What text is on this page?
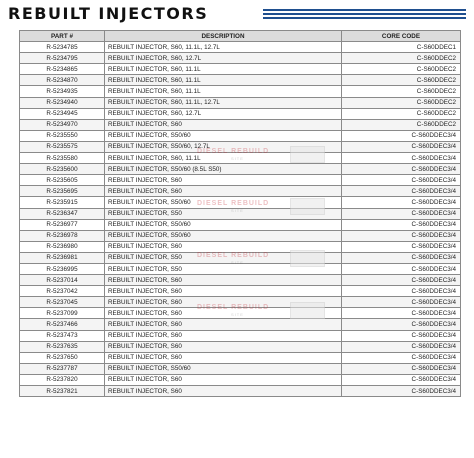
REBUILT INJECTORS
PART #	DESCRIPTION	CORE CODE
R-5234785	REBUILT INJECTOR, S60, 11.1L, 12.7L	C-S60DDEC1
R-5234795	REBUILT INJECTOR, S60, 12.7L	C-S60DDEC2
R-5234865	REBUILT INJECTOR, S60, 11.1L	C-S60DDEC2
R-5234870	REBUILT INJECTOR, S60, 11.1L	C-S60DDEC2
R-5234935	REBUILT INJECTOR, S60, 11.1L	C-S60DDEC2
R-5234940	REBUILT INJECTOR, S60, 11.1L, 12.7L	C-S60DDEC2
R-5234945	REBUILT INJECTOR, S60, 12.7L	C-S60DDEC2
R-5234970	REBUILT INJECTOR, S60	C-S60DDEC2
R-5235550	REBUILT INJECTOR, S50/60	C-S60DDEC3/4
R-5235575	REBUILT INJECTOR, S50/60, 12.7L	C-S60DDEC3/4
R-5235580	REBUILT INJECTOR, S60, 11.1L	C-S60DDEC3/4
R-5235600	REBUILT INJECTOR, S50/60 (8.5L S50)	C-S60DDEC3/4
R-5235605	REBUILT INJECTOR, S60	C-S60DDEC3/4
R-5235695	REBUILT INJECTOR, S60	C-S60DDEC3/4
R-5235915	REBUILT INJECTOR, S50/60	C-S60DDEC3/4
R-5236347	REBUILT INJECTOR, S50	C-S60DDEC3/4
R-5236977	REBUILT INJECTOR, S50/60	C-S60DDEC3/4
R-5236978	REBUILT INJECTOR, S50/60	C-S60DDEC3/4
R-5236980	REBUILT INJECTOR, S60	C-S60DDEC3/4
R-5236981	REBUILT INJECTOR, S50	C-S60DDEC3/4
R-5236995	REBUILT INJECTOR, S50	C-S60DDEC3/4
R-5237014	REBUILT INJECTOR, S60	C-S60DDEC3/4
R-5237042	REBUILT INJECTOR, S60	C-S60DDEC3/4
R-5237045	REBUILT INJECTOR, S60	C-S60DDEC3/4
R-5237099	REBUILT INJECTOR, S60	C-S60DDEC3/4
R-5237466	REBUILT INJECTOR, S60	C-S60DDEC3/4
R-5237473	REBUILT INJECTOR, S60	C-S60DDEC3/4
R-5237635	REBUILT INJECTOR, S60	C-S60DDEC3/4
R-5237650	REBUILT INJECTOR, S60	C-S60DDEC3/4
R-5237787	REBUILT INJECTOR, S50/60	C-S60DDEC3/4
R-5237820	REBUILT INJECTOR, S60	C-S60DDEC3/4
R-5237821	REBUILT INJECTOR, S60	C-S60DDEC3/4
DIESEL REBUILD
SITE
DIESEL REBUILD
SITE
DIESEL REBUILD
SITE
DIESEL REBUILD
SITE
